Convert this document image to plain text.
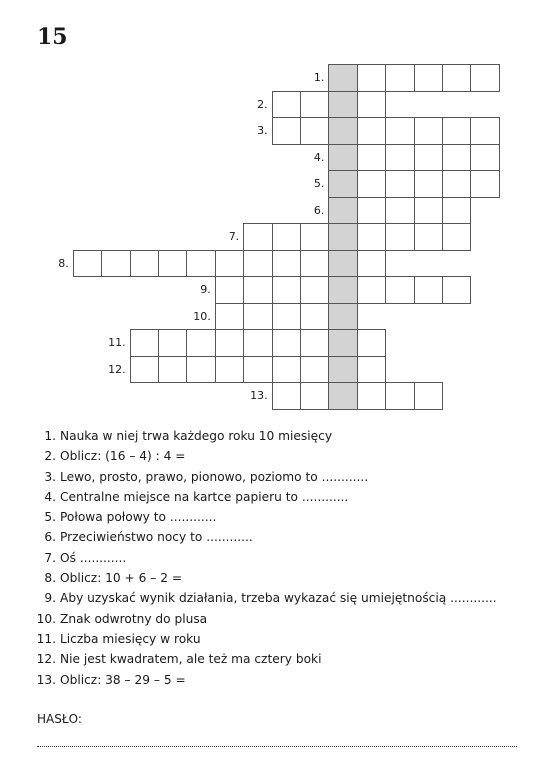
15
1.
2.
3.
4.
5.
6.
7.
8.
9.
10.
11.
12.
13.
1. Nauka w niej trwa każdego roku 10 miesięcy
2. Oblicz: (16 – 4) : 4 =
3. Lewo, prosto, prawo, pionowo, poziomo to ............
4. Centralne miejsce na kartce papieru to ............
5. Połowa połowy to ............
6. Przeciwieństwo nocy to ............
7. Oś ............
8. Oblicz: 10 + 6 – 2 =
9. Aby uzyskać wynik działania, trzeba wykazać się umiejętnością ............
10. Znak odwrotny do plusa
11. Liczba miesięcy w roku
12. Nie jest kwadratem, ale też ma cztery boki
13. Oblicz: 38 – 29 – 5 =
HASŁO:
